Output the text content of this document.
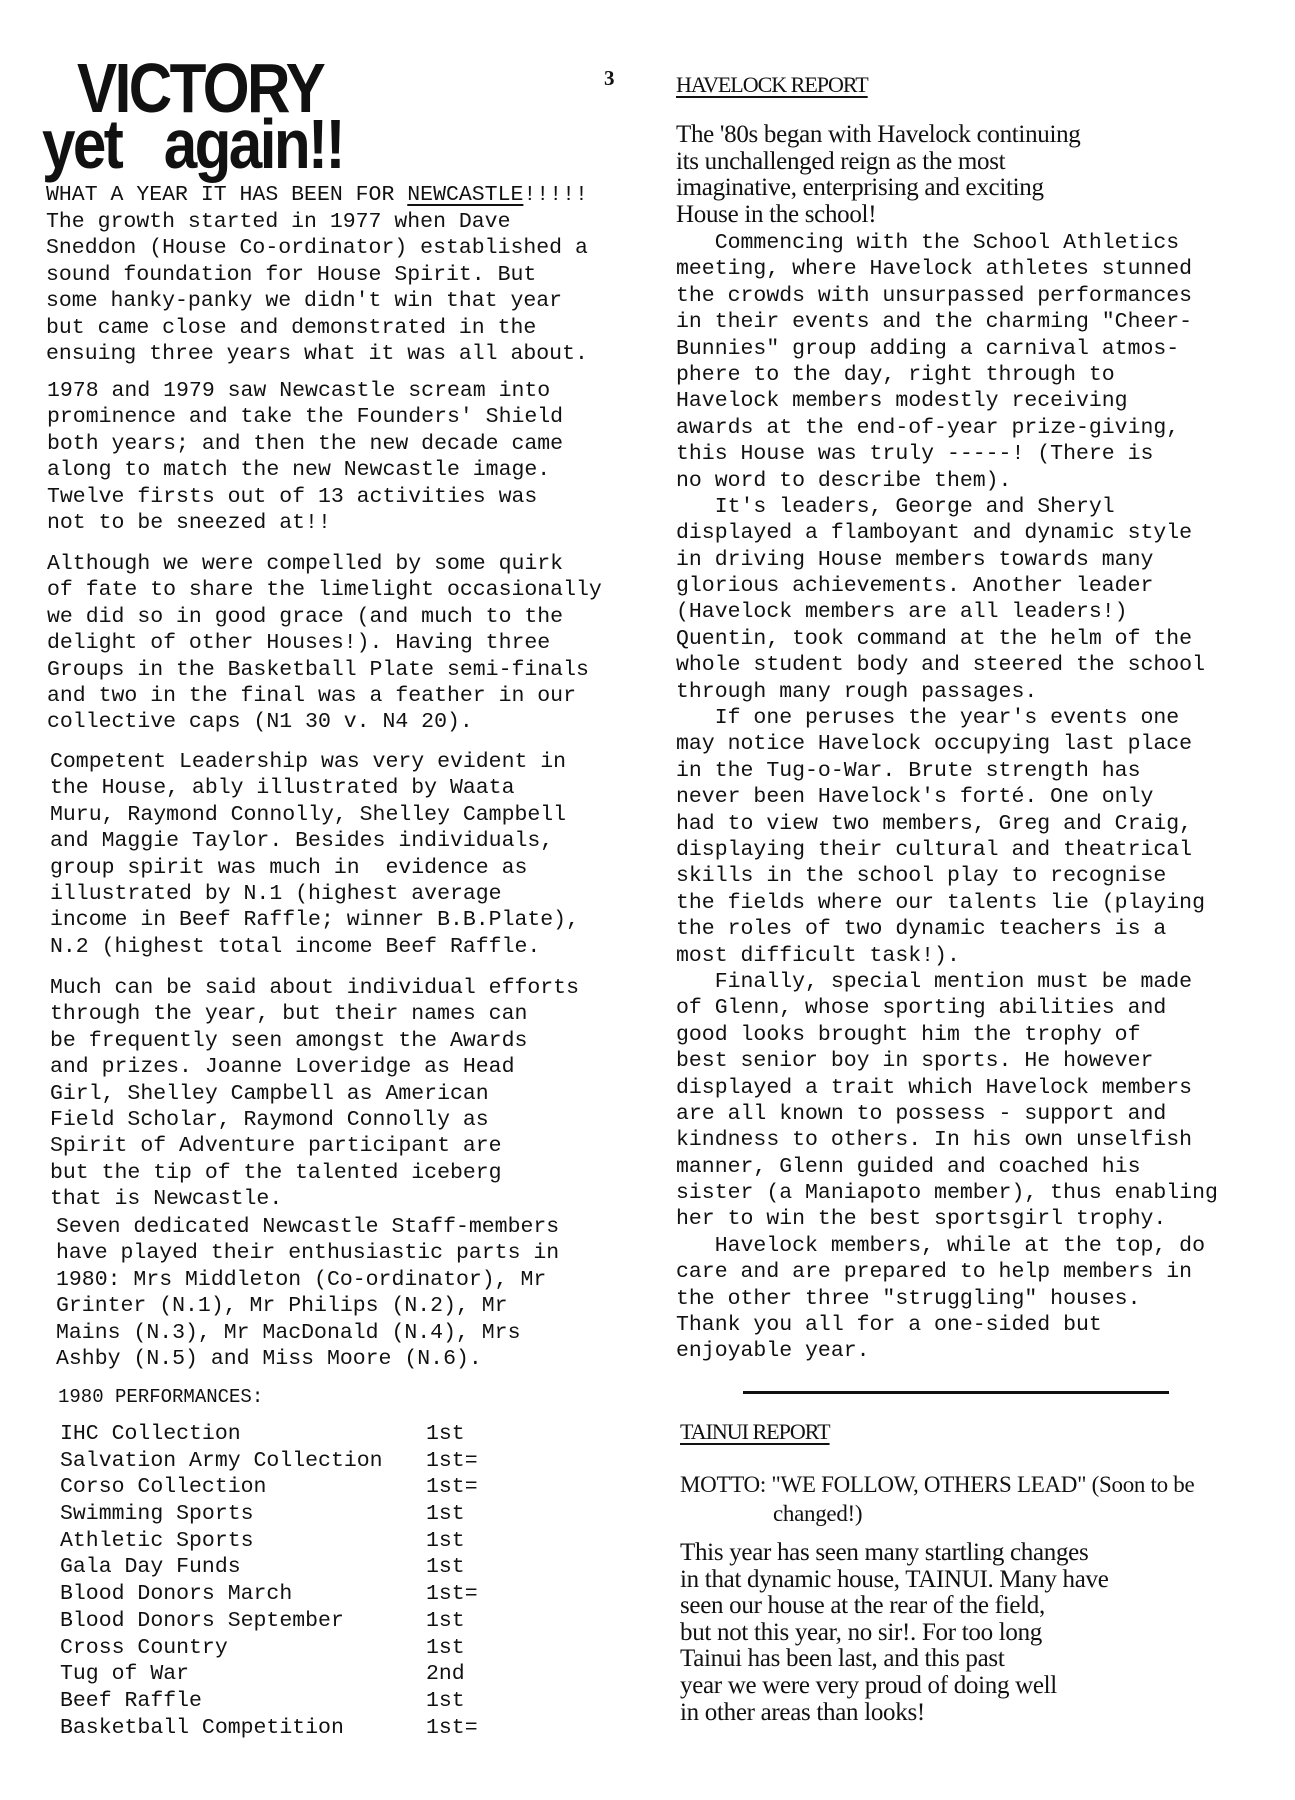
VICTORY
yet   again!!
WHAT A YEAR IT HAS BEEN FOR NEWCASTLE!!!!!
The growth started in 1977 when Dave
Sneddon (House Co-ordinator) established a
sound foundation for House Spirit. But
some hanky-panky we didn't win that year
but came close and demonstrated in the
ensuing three years what it was all about.
1978 and 1979 saw Newcastle scream into
prominence and take the Founders' Shield
both years; and then the new decade came
along to match the new Newcastle image.
Twelve firsts out of 13 activities was
not to be sneezed at!!
Although we were compelled by some quirk
of fate to share the limelight occasionally
we did so in good grace (and much to the
delight of other Houses!). Having three
Groups in the Basketball Plate semi-finals
and two in the final was a feather in our
collective caps (N1 30 v. N4 20).
Competent Leadership was very evident in
the House, ably illustrated by Waata
Muru, Raymond Connolly, Shelley Campbell
and Maggie Taylor. Besides individuals,
group spirit was much in  evidence as
illustrated by N.1 (highest average
income in Beef Raffle; winner B.B.Plate),
N.2 (highest total income Beef Raffle.
Much can be said about individual efforts
through the year, but their names can
be frequently seen amongst the Awards
and prizes. Joanne Loveridge as Head
Girl, Shelley Campbell as American
Field Scholar, Raymond Connolly as
Spirit of Adventure participant are
but the tip of the talented iceberg
that is Newcastle.
Seven dedicated Newcastle Staff-members
have played their enthusiastic parts in
1980: Mrs Middleton (Co-ordinator), Mr
Grinter (N.1), Mr Philips (N.2), Mr
Mains (N.3), Mr MacDonald (N.4), Mrs
Ashby (N.5) and Miss Moore (N.6).
1980 PERFORMANCES:
IHC Collection	1st
Salvation Army Collection 1st=
Corso Collection	1st=
Swimming Sports	1st
Athletic Sports	1st
Gala Day Funds	1st
Blood Donors March	1st=
Blood Donors September	1st
Cross Country	1st
Tug of War	2nd
Beef Raffle	1st
Basketball Competition	1st=
3	HAVELOCK REPORT
The '80s began with Havelock continuing
its unchallenged reign as the most
imaginative, enterprising and exciting
House in the school!
Commencing with the School Athletics
meeting, where Havelock athletes stunned
the crowds with unsurpassed performances
in their events and the charming "Cheer-
Bunnies" group adding a carnival atmos-
phere to the day, right through to
Havelock members modestly receiving
awards at the end-of-year prize-giving,
this House was truly -----! (There is
no word to describe them).
It's leaders, George and Sheryl
displayed a flamboyant and dynamic style
in driving House members towards many
glorious achievements. Another leader
(Havelock members are all leaders!)
Quentin, took command at the helm of the
whole student body and steered the school
through many rough passages.
If one peruses the year's events one
may notice Havelock occupying last place
in the Tug-o-War. Brute strength has
never been Havelock's forté. One only
had to view two members, Greg and Craig,
displaying their cultural and theatrical
skills in the school play to recognise
the fields where our talents lie (playing
the roles of two dynamic teachers is a
most difficult task!).
Finally, special mention must be made
of Glenn, whose sporting abilities and
good looks brought him the trophy of
best senior boy in sports. He however
displayed a trait which Havelock members
are all known to possess - support and
kindness to others. In his own unselfish
manner, Glenn guided and coached his
sister (a Maniapoto member), thus enabling
her to win the best sportsgirl trophy.
Havelock members, while at the top, do
care and are prepared to help members in
the other three "struggling" houses.
Thank you all for a one-sided but
enjoyable year.
TAINUI REPORT
MOTTO: "WE FOLLOW, OTHERS LEAD" (Soon to be
changed!)
This year has seen many startling changes
in that dynamic house, TAINUI. Many have
seen our house at the rear of the field,
but not this year, no sir!. For too long
Tainui has been last, and this past
year we were very proud of doing well
in other areas than looks!
